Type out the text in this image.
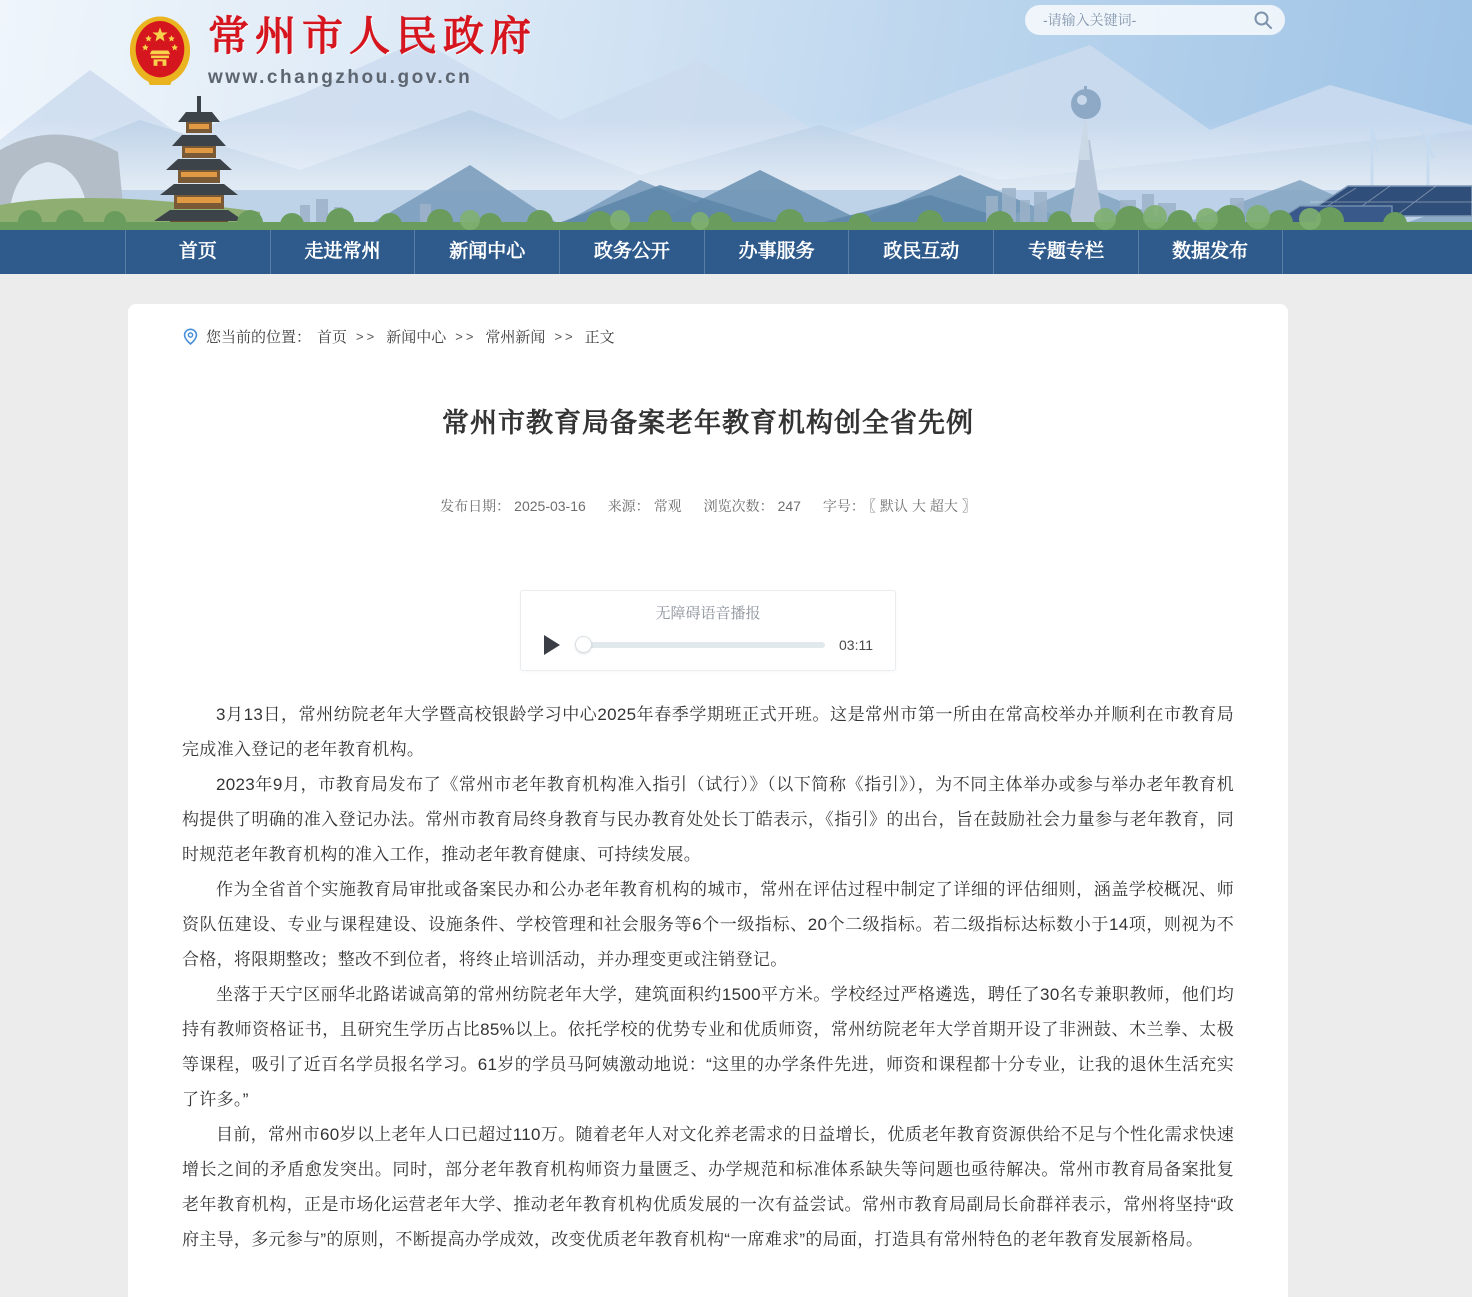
常州市人民政府
www.changzhou.gov.cn
-请输入关键词-
首页	走进常州	新闻中心	政务公开	办事服务	政民互动	专题专栏	数据发布
您当前的位置： 首页 >> 新闻中心 >> 常州新闻 >> 正文
常州市教育局备案老年教育机构创全省先例
发布日期： 2025-03-16 来源： 常观 浏览次数： 247 字号： 〖 默认 大 超大 〗
无障碍语音播报
03:11

3月13日，常州纺院老年大学暨高校银龄学习中心2025年春季学期班正式开班。这是常州市第一所由在常高校举办并顺利在市教育局完成准入登记的老年教育机构。

2023年9月，市教育局发布了《常州市老年教育机构准入指引（试行）》（以下简称《指引》），为不同主体举办或参与举办老年教育机构提供了明确的准入登记办法。常州市教育局终身教育与民办教育处处长丁皓表示，《指引》的出台，旨在鼓励社会力量参与老年教育，同时规范老年教育机构的准入工作，推动老年教育健康、可持续发展。

作为全省首个实施教育局审批或备案民办和公办老年教育机构的城市，常州在评估过程中制定了详细的评估细则，涵盖学校概况、师资队伍建设、专业与课程建设、设施条件、学校管理和社会服务等6个一级指标、20个二级指标。若二级指标达标数小于14项，则视为不合格，将限期整改；整改不到位者，将终止培训活动，并办理变更或注销登记。

坐落于天宁区丽华北路诺诚高第的常州纺院老年大学，建筑面积约1500平方米。学校经过严格遴选，聘任了30名专兼职教师，他们均持有教师资格证书，且研究生学历占比85%以上。依托学校的优势专业和优质师资，常州纺院老年大学首期开设了非洲鼓、木兰拳、太极等课程，吸引了近百名学员报名学习。61岁的学员马阿姨激动地说：“这里的办学条件先进，师资和课程都十分专业，让我的退休生活充实了许多。”

目前，常州市60岁以上老年人口已超过110万。随着老年人对文化养老需求的日益增长，优质老年教育资源供给不足与个性化需求快速增长之间的矛盾愈发突出。同时，部分老年教育机构师资力量匮乏、办学规范和标准体系缺失等问题也亟待解决。常州市教育局备案批复老年教育机构，正是市场化运营老年大学、推动老年教育机构优质发展的一次有益尝试。常州市教育局副局长俞群祥表示，常州将坚持“政府主导，多元参与”的原则，不断提高办学成效，改变优质老年教育机构“一席难求”的局面，打造具有常州特色的老年教育发展新格局。
